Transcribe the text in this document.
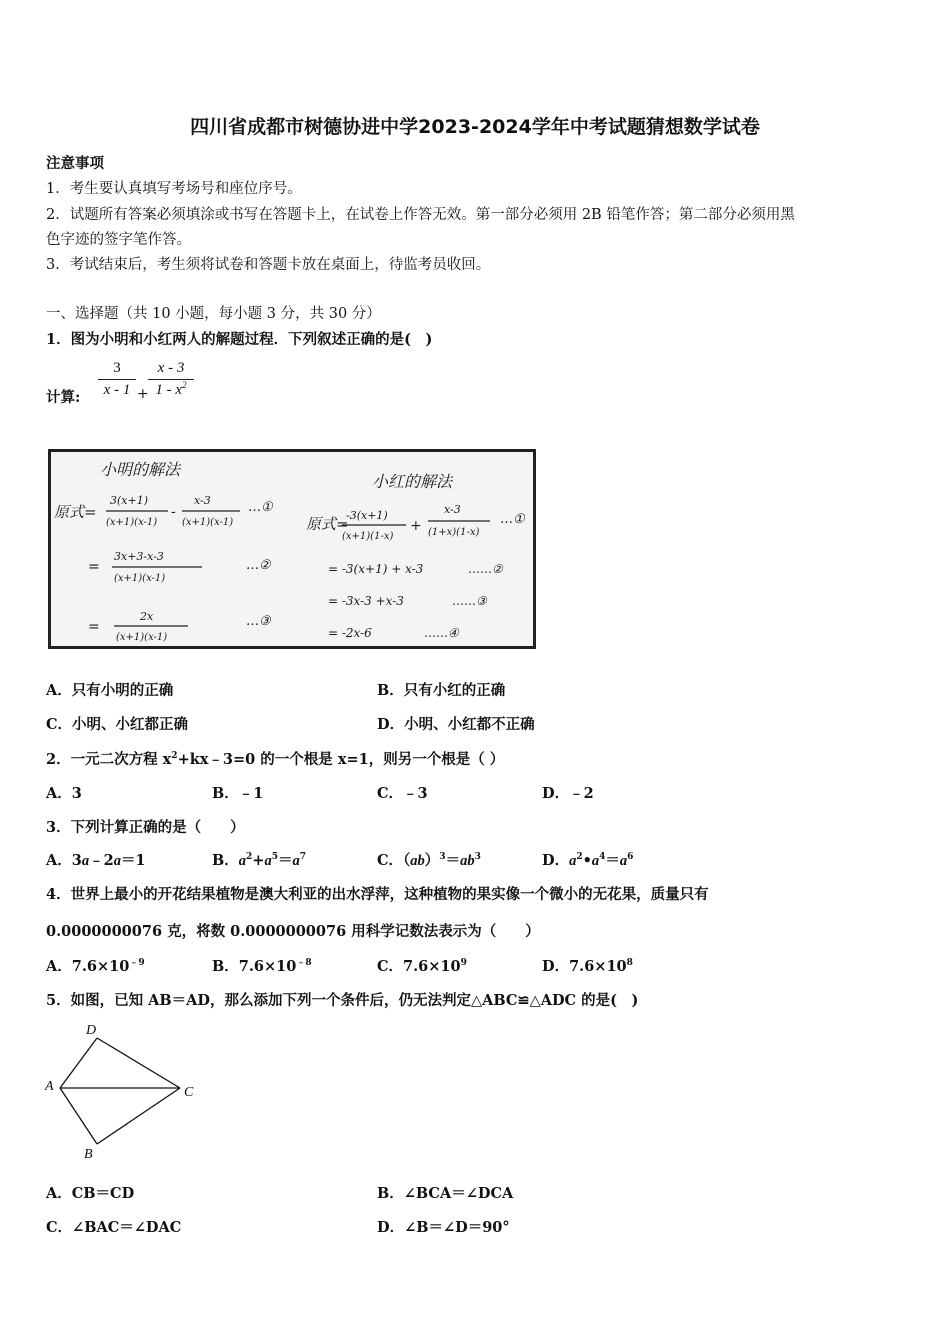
四川省成都市树德协进中学2023-2024学年中考试题猜想数学试卷
注意事项
1．考生要认真填写考场号和座位序号。
2．试题所有答案必须填涂或书写在答题卡上，在试卷上作答无效。第一部分必须用 2B 铅笔作答；第二部分必须用黑
色字迹的签字笔作答。
3．考试结束后，考生须将试卷和答题卡放在桌面上，待监考员收回。
一、选择题（共 10 小题，每小题 3 分，共 30 分）
1．图为小明和小红两人的解题过程．下列叙述正确的是(　)
计算:
3
x - 1 +
x - 3
$1 - x^2$
小明的解法
小红的解法
原式=
3(x+1)
(x+1)(x-1)
-
x-3
(x+1)(x-1)
…①
=
3x+3-x-3
(x+1)(x-1)
…②
=
2x
(x+1)(x-1)
…③
原式=
-3(x+1)
(x+1)(1-x)
+
x-3
(1+x)(1-x)
…①
= -3(x+1) + x-3	……②
= -3x-3 +x-3	……③
= -2x-6	……④
A．只有小明的正确	B．只有小红的正确
C．小明、小红都正确	D．小明、小红都不正确
2．一元二次方程 $x^2+kx﹣3=0$ 的一个根是 x=1，则另一个根是（ ）
A．3	B．﹣1	C．﹣3	D．﹣2
3．下列计算正确的是（　　）
A．3a﹣2a＝1	B．$a^2+a^5=a^7$	C．$(ab)^3=ab^3$	D．$a^2•a^4=a^6$
4．世界上最小的开花结果植物是澳大利亚的出水浮萍，这种植物的果实像一个微小的无花果，质量只有
0.0000000076 克，将数 0.0000000076 用科学记数法表示为（　　）
A．$7.6\times 10^{﹣9}$	B．$7.6\times 10^{﹣8}$	C．$7.6\times 10^9$	D．$7.6\times 10^8$
5．如图，已知 AB＝AD，那么添加下列一个条件后，仍无法判定△ABC≌△ADC 的是(　)
D
A	C
B
A．CB＝CD	B．∠BCA＝∠DCA
C．∠BAC＝∠DAC	D．∠B＝∠D＝90°
